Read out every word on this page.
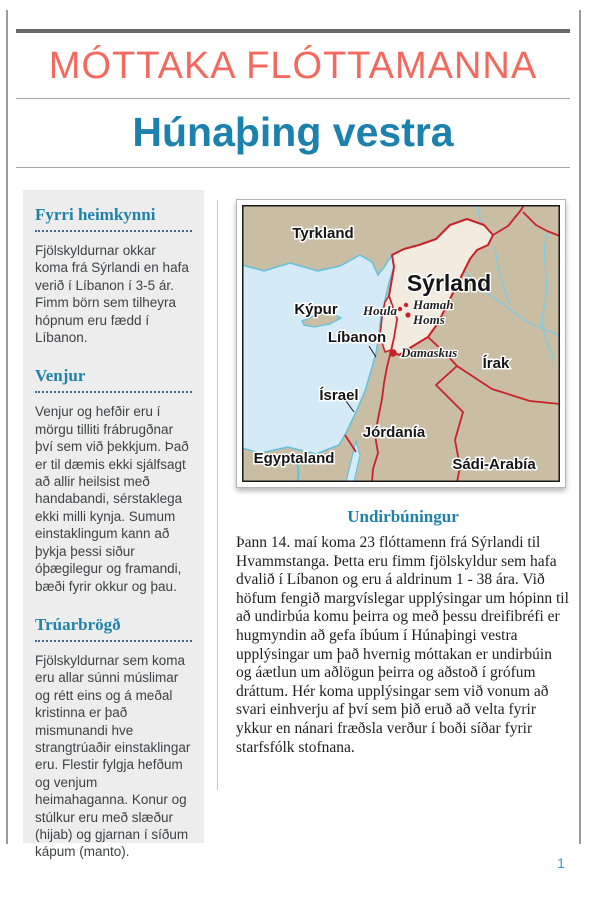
MÓTTAKA FLÓTTAMANNA
Húnaþing vestra
Fyrri heimkynni

Fjölskyldurnar okkar koma frá Sýrlandi en hafa verið í Líbanon í 3-5 ár. Fimm börn sem tilheyra hópnum eru fædd í Líbanon.

Venjur

Venjur og hefðir eru í mörgu tilliti frábrugðnar því sem við þekkjum. Það er til dæmis ekki sjálfsagt að allir heilsist með handabandi, sérstaklega ekki milli kynja. Sumum einstaklingum kann að þykja þessi siður óþægilegur og framandi, bæði fyrir okkur og þau.

Trúarbrögð

Fjölskyldurnar sem koma eru allar súnni múslimar og rétt eins og á meðal kristinna er það mismunandi hve strangtrúaðir einstaklingar eru. Flestir fylgja hefðum og venjum heimahaganna. Konur og stúlkur eru með slæður (hijab) og gjarnan í síðum kápum (manto).

Tyrkland
Sýrland
Kýpur
Líbanon
Ísrael
Jórdanía
Egyptaland
Írak
Sádi-Arabía
Houla Hamah
Homs
Damaskus
Undirbúningur

Þann 14. maí koma 23 flóttamenn frá Sýrlandi til Hvammstanga. Þetta eru fimm fjölskyldur sem hafa dvalið í Líbanon og eru á aldrinum 1 - 38 ára. Við höfum fengið margvíslegar upplýsingar um hópinn til að undirbúa komu þeirra og með þessu dreifibréfi er hugmyndin að gefa íbúum í Húnaþingi vestra upplýsingar um það hvernig móttakan er undirbúin og áætlun um aðlögun þeirra og aðstoð í grófum dráttum. Hér koma upplýsingar sem við vonum að svari einhverju af því sem þið eruð að velta fyrir ykkur en nánari fræðsla verður í boði síðar fyrir starfsfólk stofnana.

1
